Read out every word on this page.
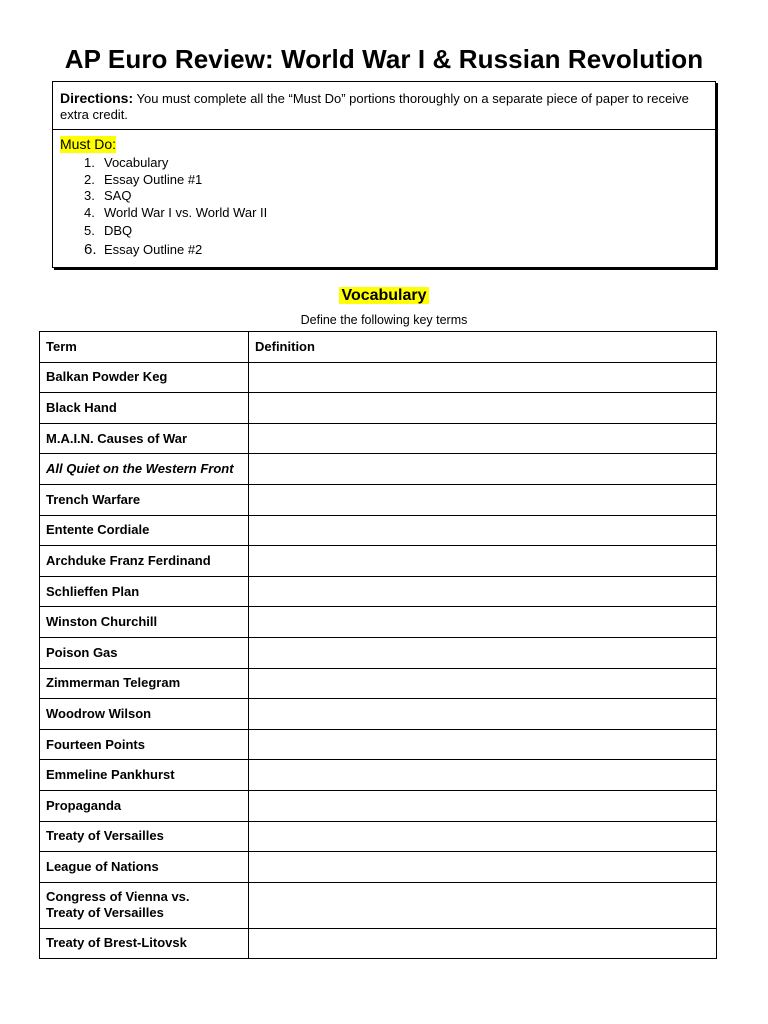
AP Euro Review: World War I & Russian Revolution
Directions: You must complete all the “Must Do” portions thoroughly on a separate piece of paper to receive extra credit.
Must Do:
1. Vocabulary
2. Essay Outline #1
3. SAQ
4. World War I vs. World War II
5. DBQ
6. Essay Outline #2
Vocabulary
Define the following key terms
Term	Definition
Balkan Powder Keg	
Black Hand	
M.A.I.N. Causes of War	
All Quiet on the Western Front	
Trench Warfare	
Entente Cordiale	
Archduke Franz Ferdinand	
Schlieffen Plan	
Winston Churchill	
Poison Gas	
Zimmerman Telegram	
Woodrow Wilson	
Fourteen Points	
Emmeline Pankhurst	
Propaganda	
Treaty of Versailles	
League of Nations	
Congress of Vienna vs.
Treaty of Versailles	
Treaty of Brest-Litovsk	
